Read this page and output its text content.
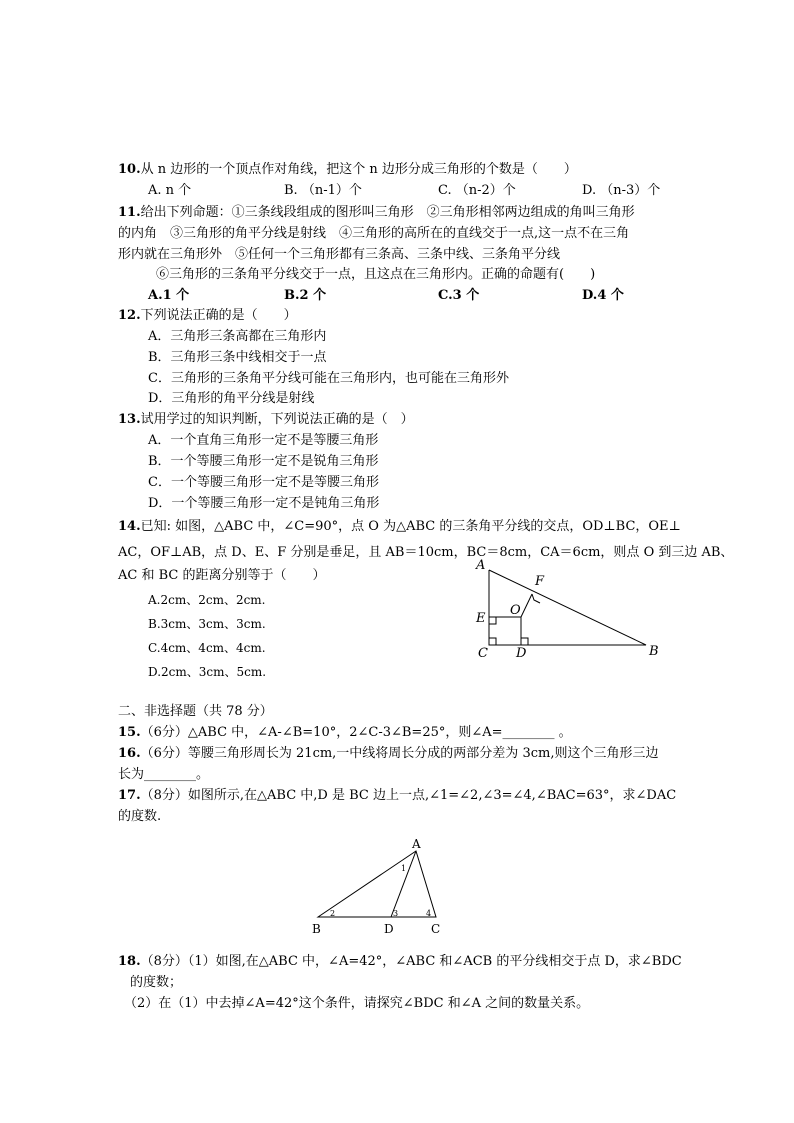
10.从 n 边形的一个顶点作对角线，把这个 n 边形分成三角形的个数是（　　）
A. n 个	B. （n-1）个	C. （n-2）个	D. （n-3）个
11.给出下列命题：①三条线段组成的图形叫三角形　②三角形相邻两边组成的角叫三角形
的内角　③三角形的角平分线是射线　④三角形的高所在的直线交于一点,这一点不在三角
形内就在三角形外　⑤任何一个三角形都有三条高、三条中线、三条角平分线
⑥三角形的三条角平分线交于一点，且这点在三角形内。正确的命题有(　　)
A.1 个	B.2 个	C.3 个	D.4 个
12.下列说法正确的是（　　）
A．三角形三条高都在三角形内
B．三角形三条中线相交于一点
C．三角形的三条角平分线可能在三角形内，也可能在三角形外
D．三角形的角平分线是射线
13.试用学过的知识判断，下列说法正确的是（　）
A．一个直角三角形一定不是等腰三角形
B．一个等腰三角形一定不是锐角三角形
C．一个等腰三角形一定不是等腰三角形
D．一个等腰三角形一定不是钝角三角形
14.已知: 如图，△ABC 中，∠C=90°，点 O 为△ABC 的三条角平分线的交点，OD⊥BC，OE⊥
AC，OF⊥AB，点 D、E、F 分别是垂足，且 AB＝10cm，BC＝8cm，CA＝6cm，则点 O 到三边 AB、
AC 和 BC 的距离分别等于（　　）
A.2cm、2cm、2cm.
B.3cm、3cm、3cm.
C.4cm、4cm、4cm.
D.2cm、3cm、5cm.
A
B
C D
E
F
O
二、非选择题（共 78 分）
15.（6分）△ABC 中，∠A-∠B=10°，2∠C-3∠B=25°，则∠A=________ 。
16.（6分）等腰三角形周长为 21cm,一中线将周长分成的两部分差为 3cm,则这个三角形三边
长为________。
17.（8分）如图所示,在△ABC 中,D 是 BC 边上一点,∠1=∠2,∠3=∠4,∠BAC=63°，求∠DAC
的度数.
A
B	D	C
1
2	3	4
18.（8分）（1）如图,在△ABC 中，∠A=42°，∠ABC 和∠ACB 的平分线相交于点 D，求∠BDC
的度数；
（2）在（1）中去掉∠A=42°这个条件，请探究∠BDC 和∠A 之间的数量关系。
